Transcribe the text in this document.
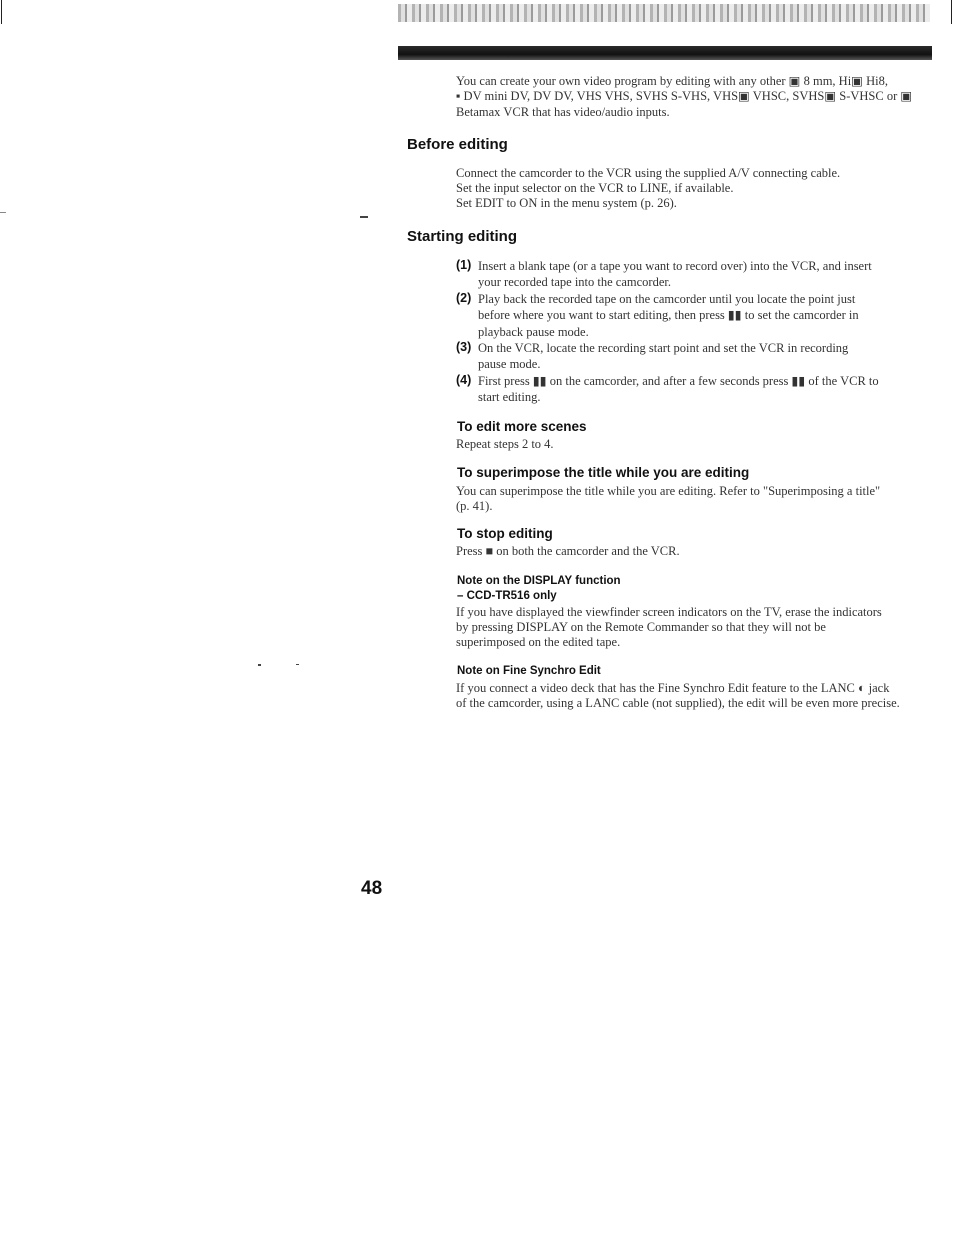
You can create your own video program by editing with any other ▣ 8 mm, Hi▣ Hi8,
▪ DV mini DV, DV DV, VHS VHS, SVHS S-VHS, VHS▣ VHSC, SVHS▣ S-VHSC or ▣
Betamax VCR that has video/audio inputs.
Before editing
Connect the camcorder to the VCR using the supplied A/V connecting cable.
Set the input selector on the VCR to LINE, if available.
Set EDIT to ON in the menu system (p. 26).
Starting editing
(1) Insert a blank tape (or a tape you want to record over) into the VCR, and insert
your recorded tape into the camcorder.
(2) Play back the recorded tape on the camcorder until you locate the point just
before where you want to start editing, then press ▮▮ to set the camcorder in
playback pause mode.
(3) On the VCR, locate the recording start point and set the VCR in recording
pause mode.
(4) First press ▮▮ on the camcorder, and after a few seconds press ▮▮ of the VCR to
start editing.
To edit more scenes
Repeat steps 2 to 4.
To superimpose the title while you are editing
You can superimpose the title while you are editing. Refer to "Superimposing a title"
(p. 41).
To stop editing
Press ■ on both the camcorder and the VCR.
Note on the DISPLAY function
– CCD-TR516 only
If you have displayed the viewfinder screen indicators on the TV, erase the indicators
by pressing DISPLAY on the Remote Commander so that they will not be
superimposed on the edited tape.
Note on Fine Synchro Edit
If you connect a video deck that has the Fine Synchro Edit feature to the LANC ◐ jack
of the camcorder, using a LANC cable (not supplied), the edit will be even more precise.
48
